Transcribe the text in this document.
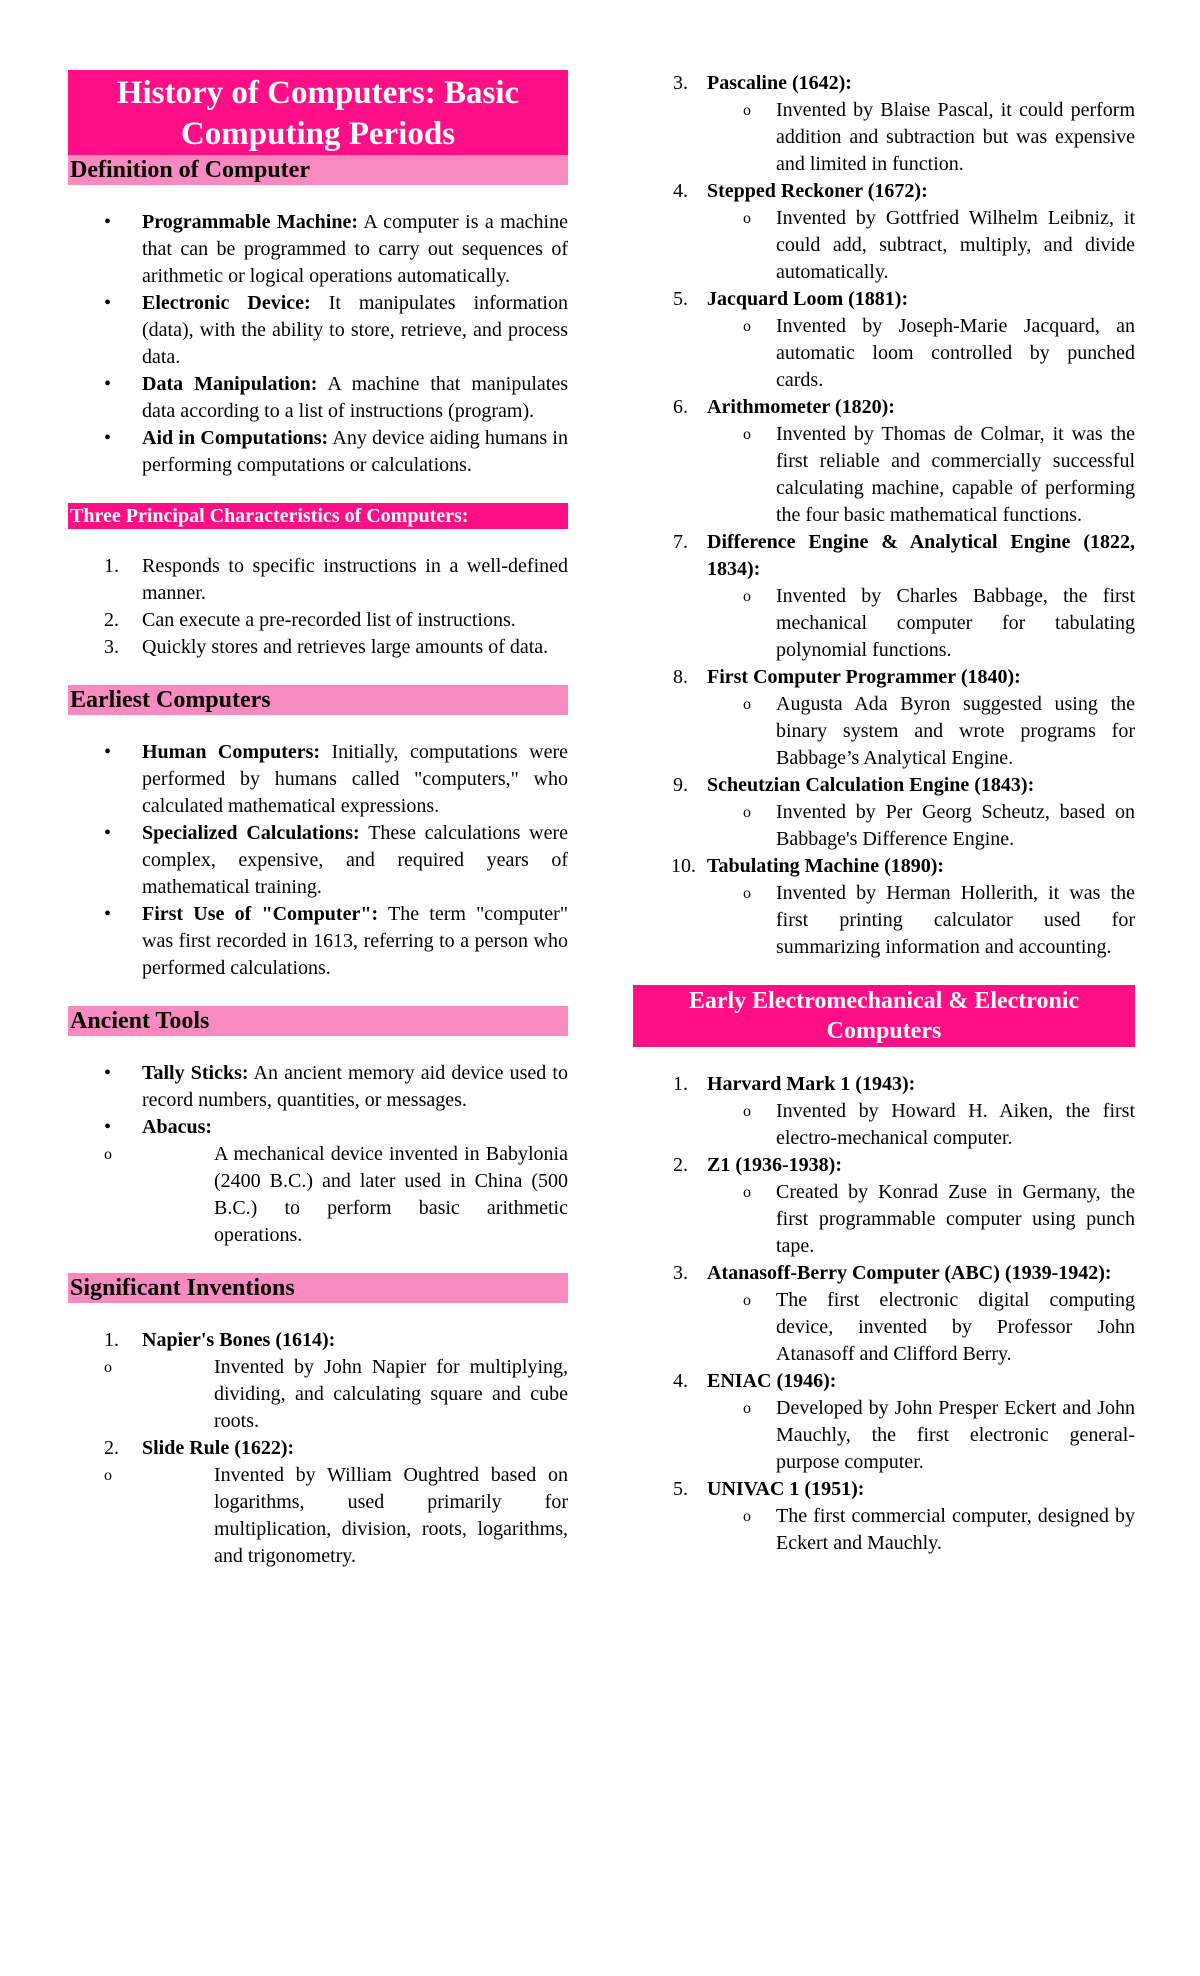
History of Computers: Basic Computing Periods
Definition of Computer
• Programmable Machine: A computer is a machine that can be programmed to carry out sequences of arithmetic or logical operations automatically.
• Electronic Device: It manipulates information (data), with the ability to store, retrieve, and process data.
• Data Manipulation: A machine that manipulates data according to a list of instructions (program).
• Aid in Computations: Any device aiding humans in performing computations or calculations.
Three Principal Characteristics of Computers:
1. Responds to specific instructions in a well-defined manner.
2. Can execute a pre-recorded list of instructions.
3. Quickly stores and retrieves large amounts of data.
Earliest Computers
• Human Computers: Initially, computations were performed by humans called "computers," who calculated mathematical expressions.
• Specialized Calculations: These calculations were complex, expensive, and required years of mathematical training.
• First Use of "Computer": The term "computer" was first recorded in 1613, referring to a person who performed calculations.
Ancient Tools
• Tally Sticks: An ancient memory aid device used to record numbers, quantities, or messages.
• Abacus:
o A mechanical device invented in Babylonia (2400 B.C.) and later used in China (500 B.C.) to perform basic arithmetic operations.
Significant Inventions
1. Napier's Bones (1614):
o Invented by John Napier for multiplying, dividing, and calculating square and cube roots.
2. Slide Rule (1622):
o Invented by William Oughtred based on logarithms, used primarily for multiplication, division, roots, logarithms, and trigonometry.
3. Pascaline (1642):
o Invented by Blaise Pascal, it could perform addition and subtraction but was expensive and limited in function.
4. Stepped Reckoner (1672):
o Invented by Gottfried Wilhelm Leibniz, it could add, subtract, multiply, and divide automatically.
5. Jacquard Loom (1881):
o Invented by Joseph-Marie Jacquard, an automatic loom controlled by punched cards.
6. Arithmometer (1820):
o Invented by Thomas de Colmar, it was the first reliable and commercially successful calculating machine, capable of performing the four basic mathematical functions.
7. Difference Engine & Analytical Engine (1822, 1834):
o Invented by Charles Babbage, the first mechanical computer for tabulating polynomial functions.
8. First Computer Programmer (1840):
o Augusta Ada Byron suggested using the binary system and wrote programs for Babbage’s Analytical Engine.
9. Scheutzian Calculation Engine (1843):
o Invented by Per Georg Scheutz, based on Babbage's Difference Engine.
10. Tabulating Machine (1890):
o Invented by Herman Hollerith, it was the first printing calculator used for summarizing information and accounting.
Early Electromechanical & Electronic Computers
1. Harvard Mark 1 (1943):
o Invented by Howard H. Aiken, the first electro-mechanical computer.
2. Z1 (1936-1938):
o Created by Konrad Zuse in Germany, the first programmable computer using punch tape.
3. Atanasoff-Berry Computer (ABC) (1939-1942):
o The first electronic digital computing device, invented by Professor John Atanasoff and Clifford Berry.
4. ENIAC (1946):
o Developed by John Presper Eckert and John Mauchly, the first electronic general-purpose computer.
5. UNIVAC 1 (1951):
o The first commercial computer, designed by Eckert and Mauchly.
